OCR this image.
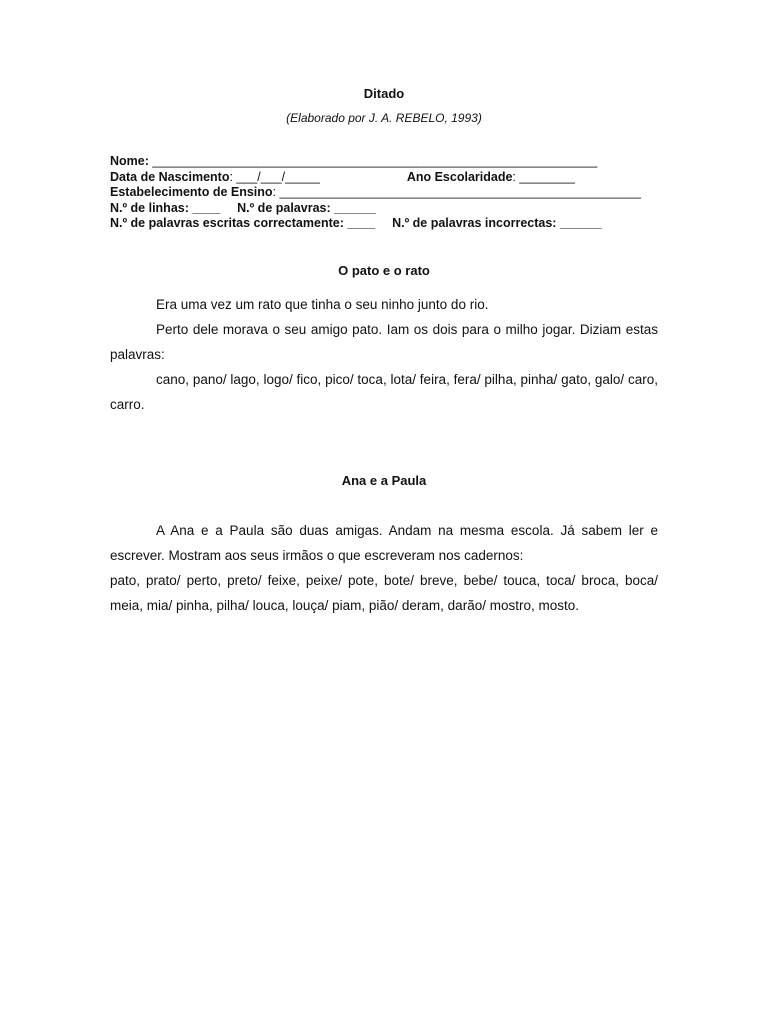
Ditado
(Elaborado por J. A. REBELO, 1993)
Nome: ________________________________________________________________
Data de Nascimento: ___/___/_____	Ano Escolaridade: ________
Estabelecimento de Ensino: ____________________________________________________
N.º de linhas: ____ N.º de palavras: ______
N.º de palavras escritas correctamente: ____ N.º de palavras incorrectas: ______
O pato e o rato

Era uma vez um rato que tinha o seu ninho junto do rio.

Perto dele morava o seu amigo pato. Iam os dois para o milho jogar. Diziam estas palavras:

cano, pano/ lago, logo/ fico, pico/ toca, lota/ feira, fera/ pilha, pinha/ gato, galo/ caro, carro.

Ana e a Paula

A Ana e a Paula são duas amigas. Andam na mesma escola. Já sabem ler e escrever. Mostram aos seus irmãos o que escreveram nos cadernos:

pato, prato/ perto, preto/ feixe, peixe/ pote, bote/ breve, bebe/ touca, toca/ broca, boca/ meia, mia/ pinha, pilha/ louca, louça/ piam, pião/ deram, darão/ mostro, mosto.
